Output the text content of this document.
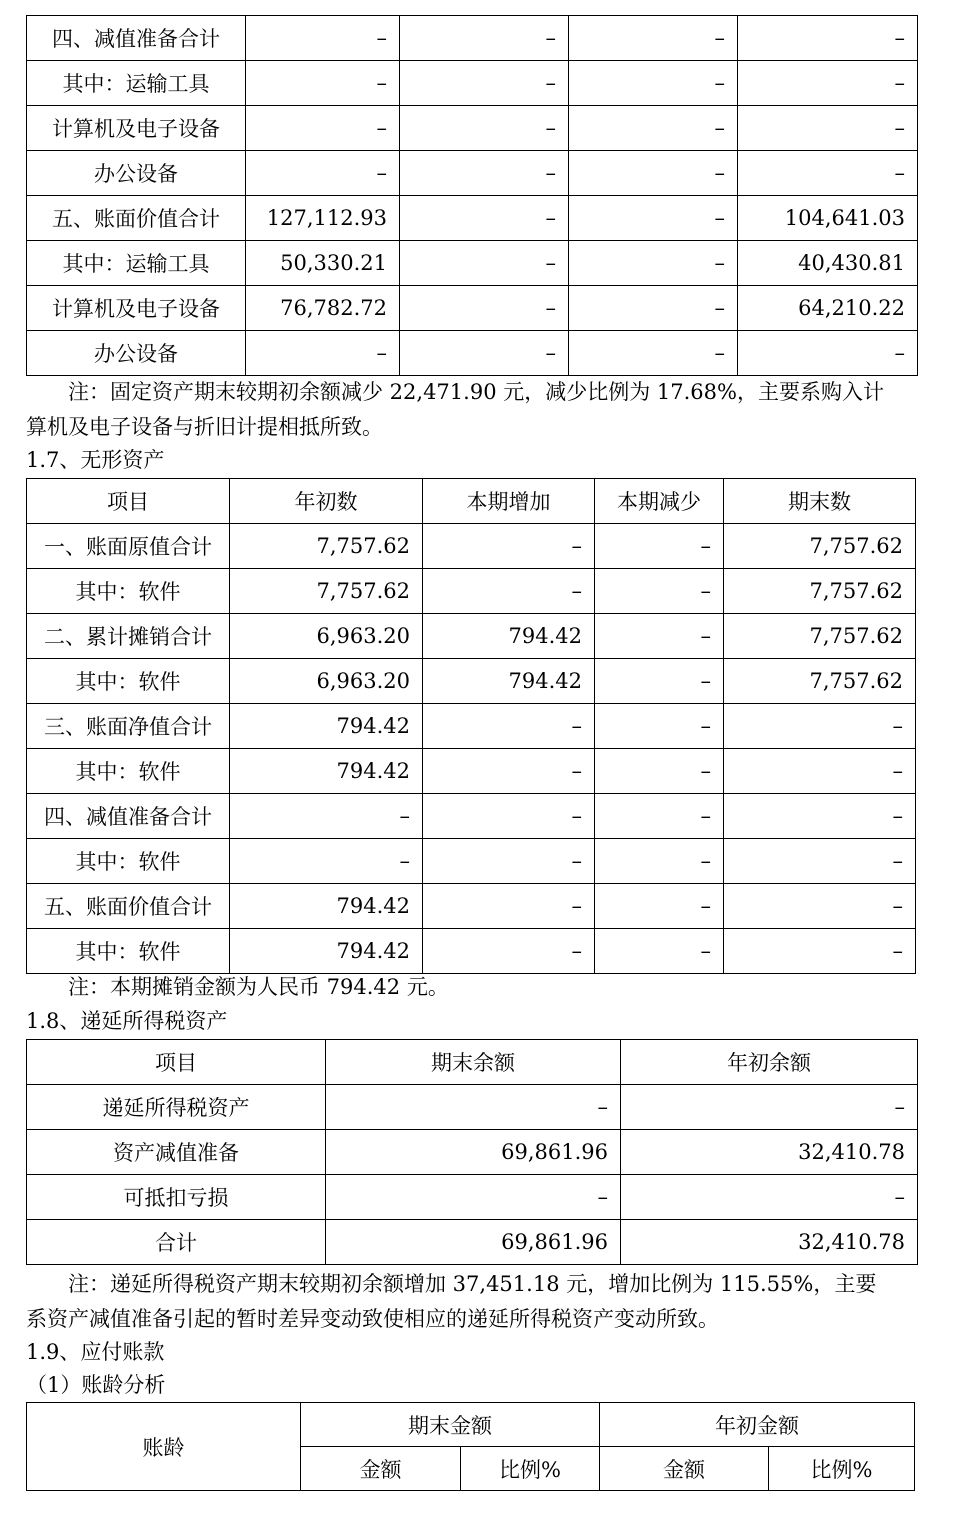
四、减值准备合计	–	–	–	–
其中：运输工具	–	–	–	–
计算机及电子设备	–	–	–	–
办公设备	–	–	–	–
五、账面价值合计	127,112.93	–	–	104,641.03
其中：运输工具	50,330.21	–	–	40,430.81
计算机及电子设备	76,782.72	–	–	64,210.22
办公设备	–	–	–	–
注：固定资产期末较期初余额减少 22,471.90 元，减少比例为 17.68%，主要系购入计
算机及电子设备与折旧计提相抵所致。
1.7、无形资产
项目	年初数	本期增加	本期减少	期末数
一、账面原值合计	7,757.62	–	–	7,757.62
其中：软件	7,757.62	–	–	7,757.62
二、累计摊销合计	6,963.20	794.42	–	7,757.62
其中：软件	6,963.20	794.42	–	7,757.62
三、账面净值合计	794.42	–	–	–
其中：软件	794.42	–	–	–
四、减值准备合计	–	–	–	–
其中：软件	–	–	–	–
五、账面价值合计	794.42	–	–	–
其中：软件	794.42	–	–	–
注：本期摊销金额为人民币 794.42 元。
1.8、递延所得税资产
项目	期末余额	年初余额
递延所得税资产	–	–
资产减值准备	69,861.96	32,410.78
可抵扣亏损	–	–
合计	69,861.96	32,410.78
注：递延所得税资产期末较期初余额增加 37,451.18 元，增加比例为 115.55%，主要
系资产减值准备引起的暂时差异变动致使相应的递延所得税资产变动所致。
1.9、应付账款
（1）账龄分析
账龄	期末金额		年初金额	
	金额	比例%	金额	比例%
